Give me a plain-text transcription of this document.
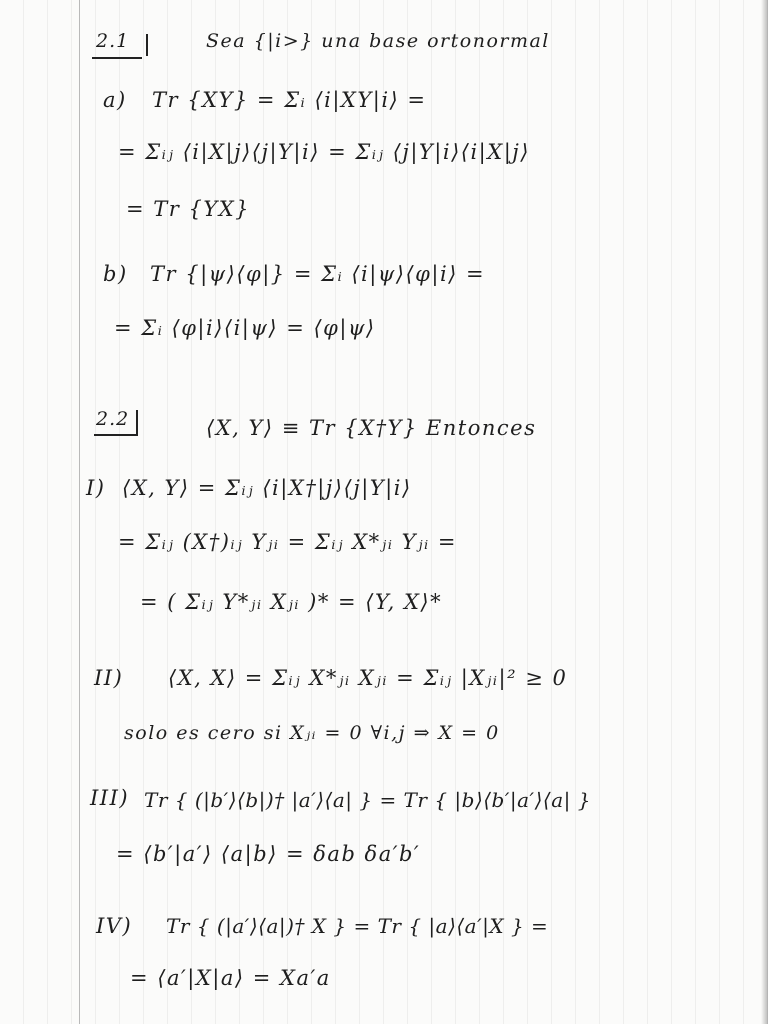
2.1	Sea {|i>} una base ortonormal
a) Tr {XY} = Σᵢ ⟨i|XY|i⟩ =
= Σᵢⱼ ⟨i|X|j⟩⟨j|Y|i⟩ = Σᵢⱼ ⟨j|Y|i⟩⟨i|X|j⟩
= Tr {YX}
b) Tr {|ψ⟩⟨φ|} = Σᵢ ⟨i|ψ⟩⟨φ|i⟩ =
= Σᵢ ⟨φ|i⟩⟨i|ψ⟩ = ⟨φ|ψ⟩
2.2	⟨X, Y⟩ ≡ Tr {X†Y} Entonces
I) ⟨X, Y⟩ = Σᵢⱼ ⟨i|X†|j⟩⟨j|Y|i⟩
= Σᵢⱼ (X†)ᵢⱼ Yⱼᵢ = Σᵢⱼ X*ⱼᵢ Yⱼᵢ =
= ( Σᵢⱼ Y*ⱼᵢ Xⱼᵢ )* = ⟨Y, X⟩*
II) ⟨X, X⟩ = Σᵢⱼ X*ⱼᵢ Xⱼᵢ = Σᵢⱼ |Xⱼᵢ|² ≥ 0
solo es cero si Xⱼᵢ = 0 ∀i,j ⇒ X = 0
III) Tr { (|b′⟩⟨b|)† |a′⟩⟨a| } = Tr { |b⟩⟨b′|a′⟩⟨a| }
= ⟨b′|a′⟩ ⟨a|b⟩ = δab δa′b′
IV) Tr { (|a′⟩⟨a|)† X } = Tr { |a⟩⟨a′|X } =
= ⟨a′|X|a⟩ = Xa′a
